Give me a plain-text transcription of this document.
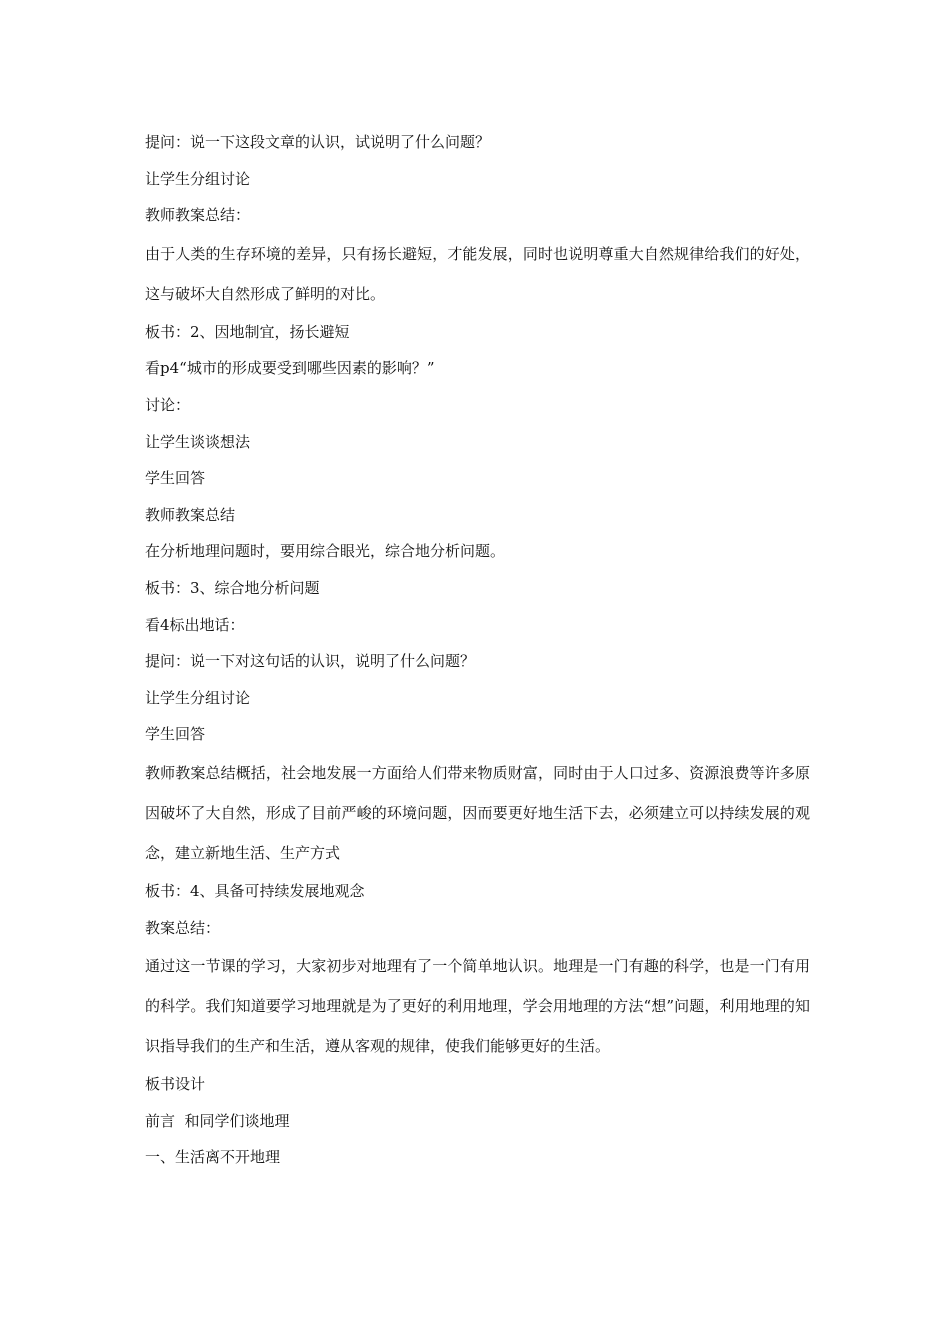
提问：说一下这段文章的认识，试说明了什么问题？
让学生分组讨论
教师教案总结：
由于人类的生存环境的差异，只有扬长避短，才能发展，同时也说明尊重大自然规律给我们的好处，这与破坏大自然形成了鲜明的对比。
板书：2、因地制宜，扬长避短
看p4“城市的形成要受到哪些因素的影响？”
讨论：
让学生谈谈想法
学生回答
教师教案总结
在分析地理问题时，要用综合眼光，综合地分析问题。
板书：3、综合地分析问题
看4标出地话：
提问：说一下对这句话的认识，说明了什么问题？
让学生分组讨论
学生回答
教师教案总结概括，社会地发展一方面给人们带来物质财富，同时由于人口过多、资源浪费等许多原因破坏了大自然，形成了目前严峻的环境问题，因而要更好地生活下去，必须建立可以持续发展的观念，建立新地生活、生产方式
板书：4、具备可持续发展地观念
教案总结：
通过这一节课的学习，大家初步对地理有了一个简单地认识。地理是一门有趣的科学，也是一门有用的科学。我们知道要学习地理就是为了更好的利用地理，学会用地理的方法“想”问题，利用地理的知识指导我们的生产和生活，遵从客观的规律，使我们能够更好的生活。
板书设计
前言  和同学们谈地理
一、生活离不开地理
